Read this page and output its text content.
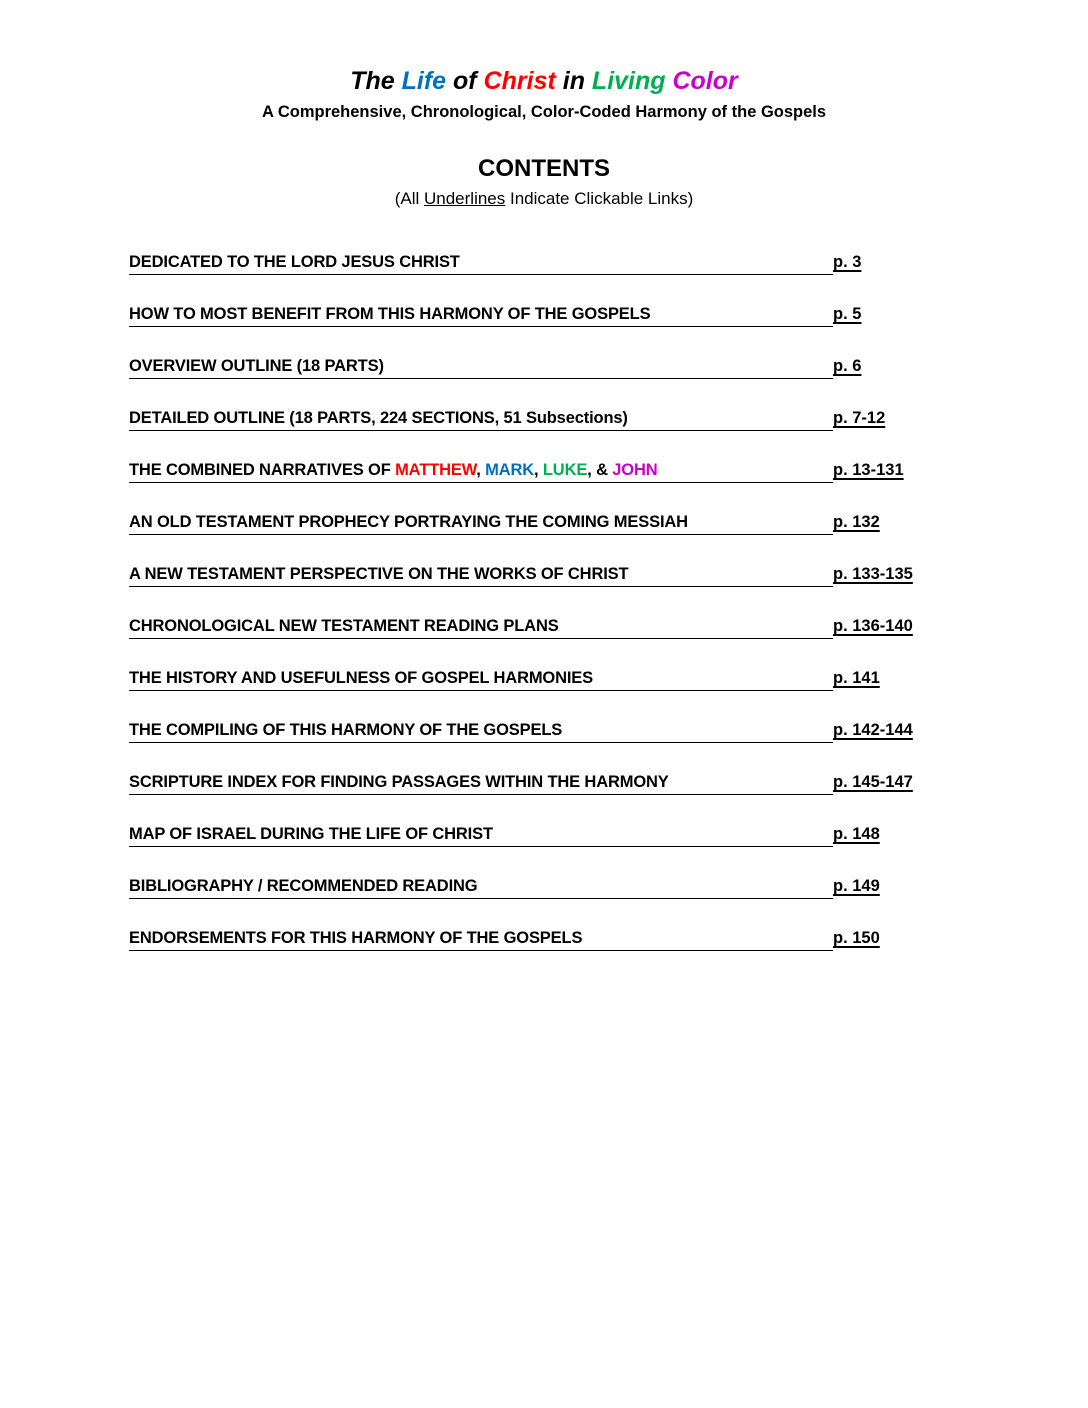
The Life of Christ in Living Color
A Comprehensive, Chronological, Color-Coded Harmony of the Gospels
CONTENTS
(All Underlines Indicate Clickable Links)
DEDICATED TO THE LORD JESUS CHRIST	p. 3
HOW TO MOST BENEFIT FROM THIS HARMONY OF THE GOSPELS	p. 5
OVERVIEW OUTLINE (18 PARTS)	p. 6
DETAILED OUTLINE (18 PARTS, 224 SECTIONS, 51 Subsections)	p. 7-12
THE COMBINED NARRATIVES OF MATTHEW, MARK, LUKE, & JOHN	p. 13-131
AN OLD TESTAMENT PROPHECY PORTRAYING THE COMING MESSIAH	p. 132
A NEW TESTAMENT PERSPECTIVE ON THE WORKS OF CHRIST	p. 133-135
CHRONOLOGICAL NEW TESTAMENT READING PLANS	p. 136-140
THE HISTORY AND USEFULNESS OF GOSPEL HARMONIES	p. 141
THE COMPILING OF THIS HARMONY OF THE GOSPELS	p. 142-144
SCRIPTURE INDEX FOR FINDING PASSAGES WITHIN THE HARMONY	p. 145-147
MAP OF ISRAEL DURING THE LIFE OF CHRIST	p. 148
BIBLIOGRAPHY / RECOMMENDED READING	p. 149
ENDORSEMENTS FOR THIS HARMONY OF THE GOSPELS	p. 150
